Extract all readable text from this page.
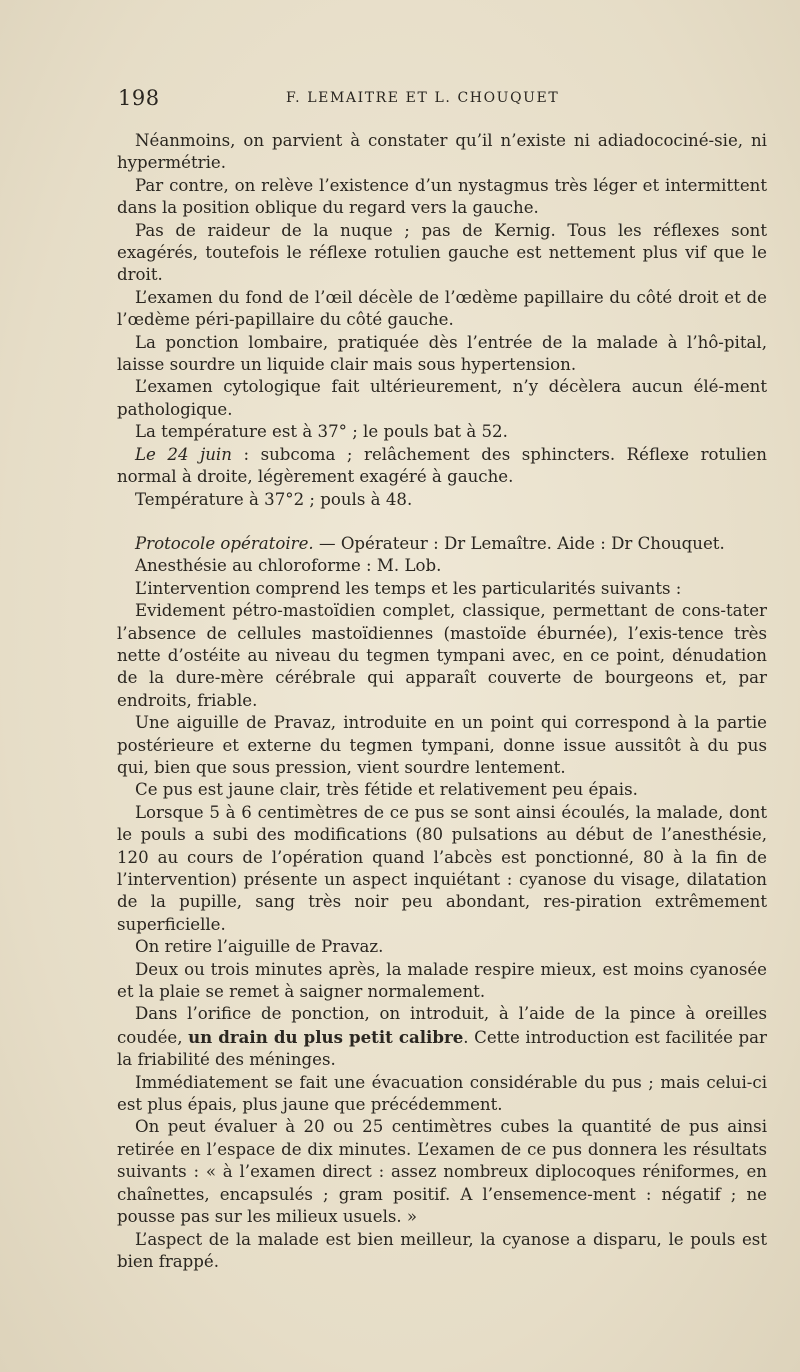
198	F. LEMAITRE ET L. CHOUQUET

Néanmoins, on parvient à constater qu’il n’existe ni adiadocociné-sie, ni hypermétrie.

Par contre, on relève l’existence d’un nystagmus très léger et intermittent dans la position oblique du regard vers la gauche.

Pas de raideur de la nuque ; pas de Kernig. Tous les réflexes sont exagérés, toutefois le réflexe rotulien gauche est nettement plus vif que le droit.

L’examen du fond de l’œil décèle de l’œdème papillaire du côté droit et de l’œdème péri-papillaire du côté gauche.

La ponction lombaire, pratiquée dès l’entrée de la malade à l’hô-pital, laisse sourdre un liquide clair mais sous hypertension.

L’examen cytologique fait ultérieurement, n’y décèlera aucun élé-ment pathologique.

La température est à 37° ; le pouls bat à 52.

Le 24 juin : subcoma ; relâchement des sphincters. Réflexe rotulien normal à droite, légèrement exagéré à gauche.

Température à 37°2 ; pouls à 48.

Protocole opératoire. — Opérateur : Dr Lemaître. Aide : Dr Chouquet.

Anesthésie au chloroforme : M. Lob.

L’intervention comprend les temps et les particularités suivants :

Evidement pétro-mastoïdien complet, classique, permettant de cons-tater l’absence de cellules mastoïdiennes (mastoïde éburnée), l’exis-tence très nette d’ostéite au niveau du tegmen tympani avec, en ce point, dénudation de la dure-mère cérébrale qui apparaît couverte de bourgeons et, par endroits, friable.

Une aiguille de Pravaz, introduite en un point qui correspond à la partie postérieure et externe du tegmen tympani, donne issue aussitôt à du pus qui, bien que sous pression, vient sourdre lentement.

Ce pus est jaune clair, très fétide et relativement peu épais.

Lorsque 5 à 6 centimètres de ce pus se sont ainsi écoulés, la malade, dont le pouls a subi des modifications (80 pulsations au début de l’anesthésie, 120 au cours de l’opération quand l’abcès est ponctionné, 80 à la fin de l’intervention) présente un aspect inquiétant : cyanose du visage, dilatation de la pupille, sang très noir peu abondant, res-piration extrêmement superficielle.

On retire l’aiguille de Pravaz.

Deux ou trois minutes après, la malade respire mieux, est moins cyanosée et la plaie se remet à saigner normalement.

Dans l’orifice de ponction, on introduit, à l’aide de la pince à oreilles coudée, un drain du plus petit calibre. Cette introduction est facilitée par la friabilité des méninges.

Immédiatement se fait une évacuation considérable du pus ; mais celui-ci est plus épais, plus jaune que précédemment.

On peut évaluer à 20 ou 25 centimètres cubes la quantité de pus ainsi retirée en l’espace de dix minutes. L’examen de ce pus donnera les résultats suivants : « à l’examen direct : assez nombreux diplocoques réniformes, en chaînettes, encapsulés ; gram positif. A l’ensemence-ment : négatif ; ne pousse pas sur les milieux usuels. »

L’aspect de la malade est bien meilleur, la cyanose a disparu, le pouls est bien frappé.
